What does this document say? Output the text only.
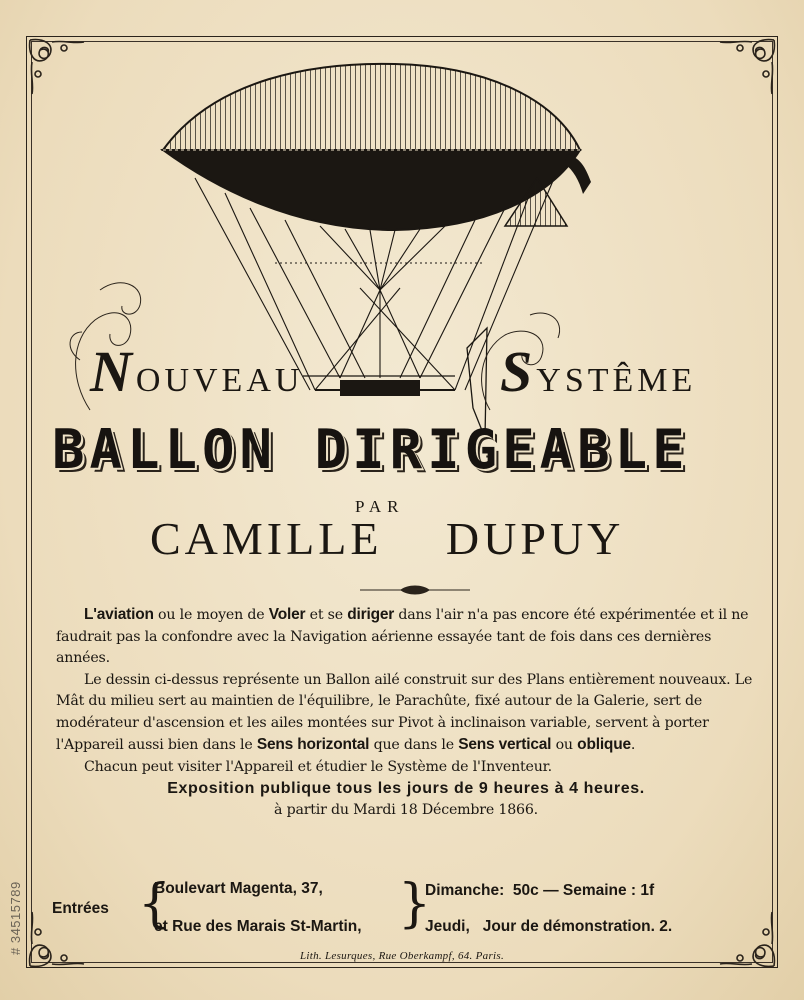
# 34515789
NOUVEAU	SYSTÊME
BALLON DIRIGEABLE
PAR
CAMILLE DUPUY

L'aviation ou le moyen de Voler et se diriger dans l'air n'a pas encore été expérimentée et il ne faudrait pas la confondre avec la Navigation aérienne essayée tant de fois dans ces dernières années.

Le dessin ci-dessus représente un Ballon ailé construit sur des Plans entièrement nouveaux. Le Mât du milieu sert au maintien de l'équilibre, le Parachûte, fixé autour de la Galerie, sert de modérateur d'ascension et les ailes montées sur Pivot à inclinaison variable, servent à porter l'Appareil aussi bien dans le Sens horizontal que dans le Sens vertical ou oblique.

Chacun peut visiter l'Appareil et étudier le Système de l'Inventeur.

Exposition publique tous les jours de 9 heures à 4 heures.

à partir du Mardi 18 Décembre 1866.

Entrées {
Boulevart Magenta, 37,
et Rue des Marais St-Martin, }
Dimanche: 50c — Semaine : 1f
Jeudi, Jour de démonstration. 2.
Lith. Lesurques, Rue Oberkampf, 64. Paris.
